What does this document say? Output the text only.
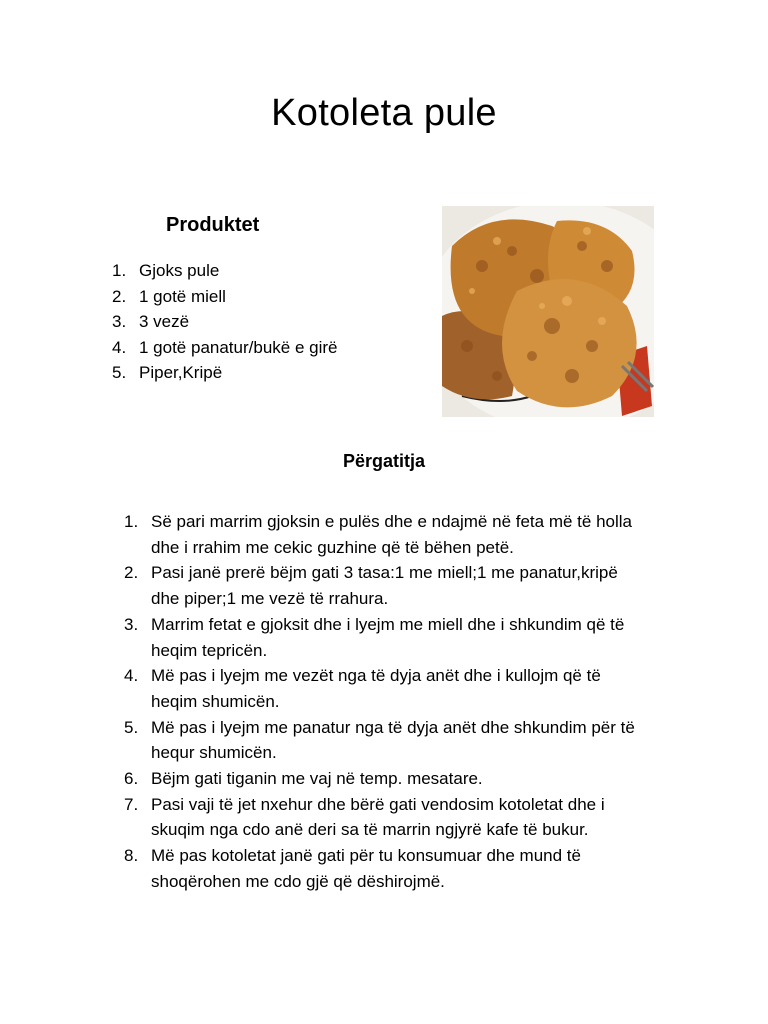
Kotoleta pule
Produktet
1. Gjoks pule
2. 1 gotë miell
3. 3 vezë
4. 1 gotë panatur/bukë e girë
5. Piper,Kripë
Përgatitja
1. Së pari marrim gjoksin e pulës dhe e ndajmë në feta më të holla dhe i rrahim me cekic guzhine që të bëhen petë.
2. Pasi janë prerë bëjm gati 3 tasa:1 me miell;1 me panatur,kripë dhe piper;1 me vezë të rrahura.
3. Marrim fetat e gjoksit dhe i lyejm me miell dhe i shkundim që të heqim tepricën.
4. Më pas i lyejm me vezët nga të dyja anët dhe i kullojm që të heqim shumicën.
5. Më pas i lyejm me panatur nga të dyja anët dhe shkundim për të hequr shumicën.
6. Bëjm gati tiganin me vaj në temp. mesatare.
7. Pasi vaji të jet nxehur dhe bërë gati vendosim kotoletat dhe i skuqim nga cdo anë deri sa të marrin ngjyrë kafe të bukur.
8. Më pas kotoletat janë gati për tu konsumuar dhe mund të shoqërohen me cdo gjë që dëshirojmë.
